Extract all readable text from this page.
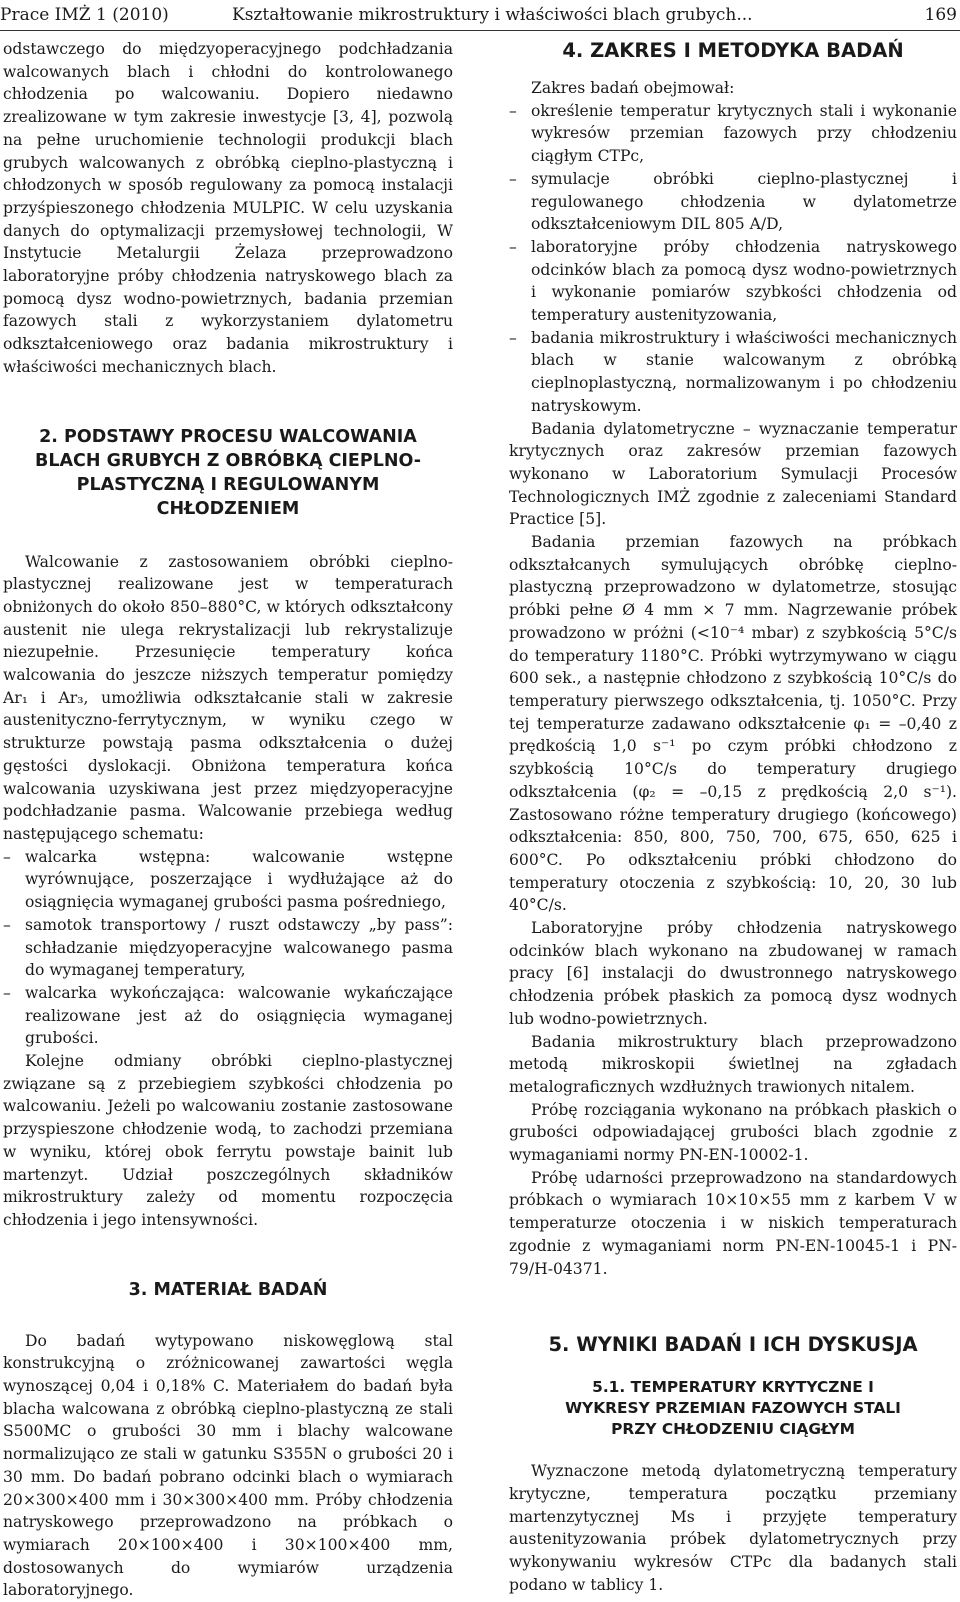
Prace IMŻ 1 (2010)	Kształtowanie mikrostruktury i właściwości blach grubych...	169

odstawczego do międzyoperacyjnego podchładzania walcowanych blach i chłodni do kontrolowanego chłodzenia po walcowaniu. Dopiero niedawno zrealizowane w tym zakresie inwestycje [3, 4], pozwolą na pełne uruchomienie technologii produkcji blach grubych walcowanych z obróbką cieplno-plastyczną i chłodzonych w sposób regulowany za pomocą instalacji przyśpieszonego chłodzenia MULPIC. W celu uzyskania danych do optymalizacji przemysłowej technologii, W Instytucie Metalurgii Żelaza przeprowadzono laboratoryjne próby chłodzenia natryskowego blach za pomocą dysz wodno-powietrznych, badania przemian fazowych stali z wykorzystaniem dylatometru odkształceniowego oraz badania mikrostruktury i właściwości mechanicznych blach.

2. PODSTAWY PROCESU WALCOWANIA BLACH GRUBYCH Z OBRÓBKĄ CIEPLNO-PLASTYCZNĄ I REGULOWANYM CHŁODZENIEM

Walcowanie z zastosowaniem obróbki cieplno-plastycznej realizowane jest w temperaturach obniżonych do około 850–880°C, w których odkształcony austenit nie ulega rekrystalizacji lub rekrystalizuje niezupełnie. Przesunięcie temperatury końca walcowania do jeszcze niższych temperatur pomiędzy Ar₁ i Ar₃, umożliwia odkształcanie stali w zakresie austenityczno-ferrytycznym, w wyniku czego w strukturze powstają pasma odkształcenia o dużej gęstości dyslokacji. Obniżona temperatura końca walcowania uzyskiwana jest przez międzyoperacyjne podchładzanie pasma. Walcowanie przebiega według następującego schematu:

– walcarka wstępna: walcowanie wstępne wyrównujące, poszerzające i wydłużające aż do osiągnięcia wymaganej grubości pasma pośredniego,
– samotok transportowy / ruszt odstawczy „by pass”: schładzanie międzyoperacyjne walcowanego pasma do wymaganej temperatury,
– walcarka wykończająca: walcowanie wykańczające realizowane jest aż do osiągnięcia wymaganej grubości.

Kolejne odmiany obróbki cieplno-plastycznej związane są z przebiegiem szybkości chłodzenia po walcowaniu. Jeżeli po walcowaniu zostanie zastosowane przyspieszone chłodzenie wodą, to zachodzi przemiana w wyniku, której obok ferrytu powstaje bainit lub martenzyt. Udział poszczególnych składników mikrostruktury zależy od momentu rozpoczęcia chłodzenia i jego intensywności.

3. MATERIAŁ BADAŃ

Do badań wytypowano niskowęglową stal konstrukcyjną o zróżnicowanej zawartości węgla wynoszącej 0,04 i 0,18% C. Materiałem do badań była blacha walcowana z obróbką cieplno-plastyczną ze stali S500MC o grubości 30 mm i blachy walcowane normalizująco ze stali w gatunku S355N o grubości 20 i 30 mm. Do badań pobrano odcinki blach o wymiarach 20×300×400 mm i 30×300×400 mm. Próby chłodzenia natryskowego przeprowadzono na próbkach o wymiarach 20×100×400 i 30×100×400 mm, dostosowanych do wymiarów urządzenia laboratoryjnego.

4. ZAKRES I METODYKA BADAŃ

Zakres badań obejmował:

– określenie temperatur krytycznych stali i wykonanie wykresów przemian fazowych przy chłodzeniu ciągłym CTPc,
– symulacje obróbki cieplno-plastycznej i regulowanego chłodzenia w dylatometrze odkształceniowym DIL 805 A/D,
– laboratoryjne próby chłodzenia natryskowego odcinków blach za pomocą dysz wodno-powietrznych i wykonanie pomiarów szybkości chłodzenia od temperatury austenityzowania,
– badania mikrostruktury i właściwości mechanicznych blach w stanie walcowanym z obróbką cieplnoplastyczną, normalizowanym i po chłodzeniu natryskowym.

Badania dylatometryczne – wyznaczanie temperatur krytycznych oraz zakresów przemian fazowych wykonano w Laboratorium Symulacji Procesów Technologicznych IMŻ zgodnie z zaleceniami Standard Practice [5].

Badania przemian fazowych na próbkach odkształcanych symulujących obróbkę cieplno-plastyczną przeprowadzono w dylatometrze, stosując próbki pełne Ø 4 mm × 7 mm. Nagrzewanie próbek prowadzono w próżni (<10⁻⁴ mbar) z szybkością 5°C/s do temperatury 1180°C. Próbki wytrzymywano w ciągu 600 sek., a następnie chłodzono z szybkością 10°C/s do temperatury pierwszego odkształcenia, tj. 1050°C. Przy tej temperaturze zadawano odkształcenie φ₁ = –0,40 z prędkością 1,0 s⁻¹ po czym próbki chłodzono z szybkością 10°C/s do temperatury drugiego odkształcenia (φ₂ = –0,15 z prędkością 2,0 s⁻¹). Zastosowano różne temperatury drugiego (końcowego) odkształcenia: 850, 800, 750, 700, 675, 650, 625 i 600°C. Po odkształceniu próbki chłodzono do temperatury otoczenia z szybkością: 10, 20, 30 lub 40°C/s.

Laboratoryjne próby chłodzenia natryskowego odcinków blach wykonano na zbudowanej w ramach pracy [6] instalacji do dwustronnego natryskowego chłodzenia próbek płaskich za pomocą dysz wodnych lub wodno-powietrznych.

Badania mikrostruktury blach przeprowadzono metodą mikroskopii świetlnej na zgładach metalograficznych wzdłużnych trawionych nitalem.

Próbę rozciągania wykonano na próbkach płaskich o grubości odpowiadającej grubości blach zgodnie z wymaganiami normy PN-EN-10002-1.

Próbę udarności przeprowadzono na standardowych próbkach o wymiarach 10×10×55 mm z karbem V w temperaturze otoczenia i w niskich temperaturach zgodnie z wymaganiami norm PN-EN-10045-1 i PN-79/H-04371.

5. WYNIKI BADAŃ I ICH DYSKUSJA
5.1. TEMPERATURY KRYTYCZNE I WYKRESY PRZEMIAN FAZOWYCH STALI PRZY CHŁODZENIU CIĄGŁYM

Wyznaczone metodą dylatometryczną temperatury krytyczne, temperatura początku przemiany martenzytycznej Ms i przyjęte temperatury austenityzowania próbek dylatometrycznych przy wykonywaniu wykresów CTPc dla badanych stali podano w tablicy 1.
